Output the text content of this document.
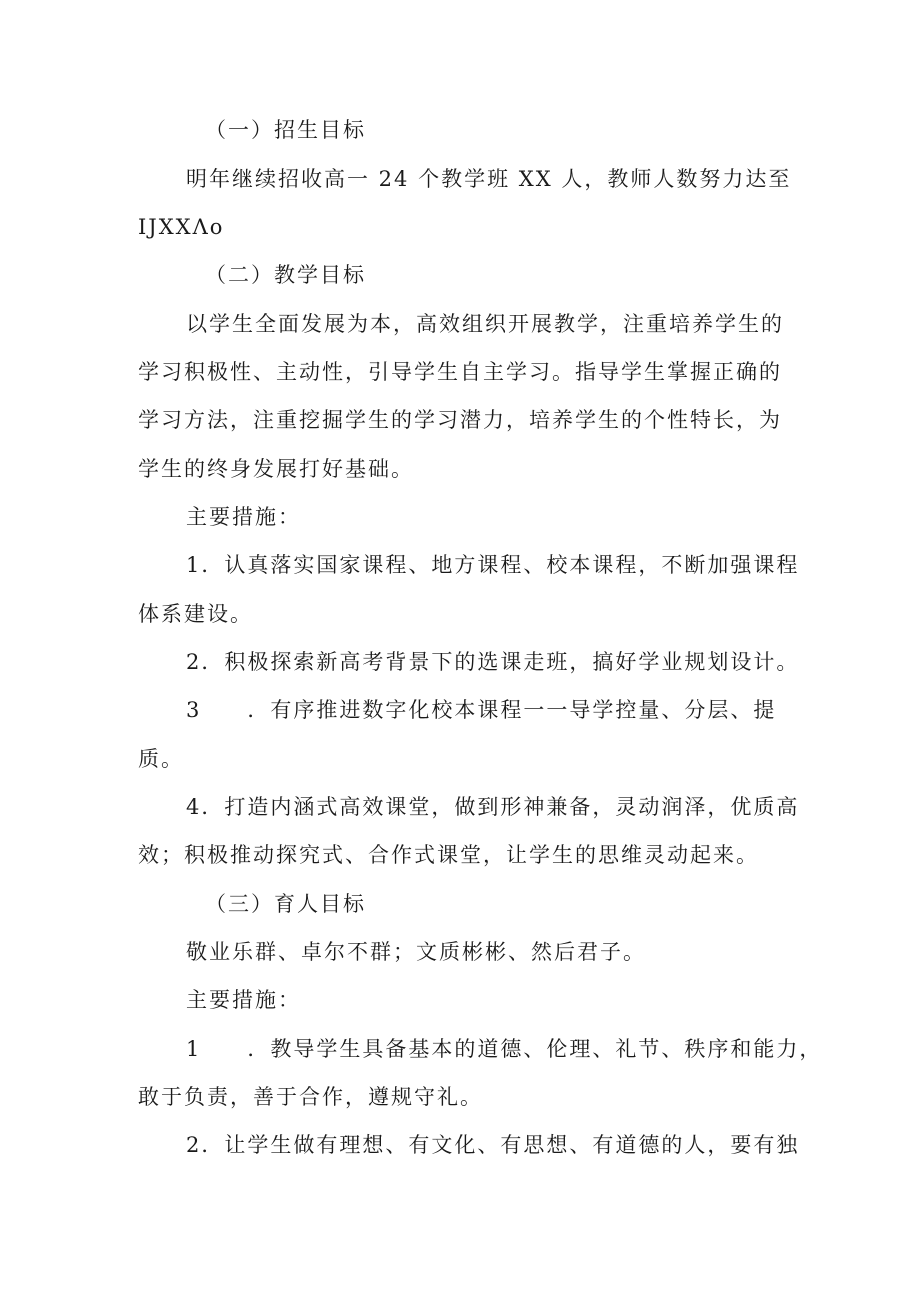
（一）招生目标
明年继续招收高一 24 个教学班 XX 人，教师人数努力达至
IJXXΛo
（二）教学目标
以学生全面发展为本，高效组织开展教学，注重培养学生的
学习积极性、主动性，引导学生自主学习。指导学生掌握正确的
学习方法，注重挖掘学生的学习潜力，培养学生的个性特长，为
学生的终身发展打好基础。
主要措施：
1．认真落实国家课程、地方课程、校本课程，不断加强课程
体系建设。
2．积极探索新高考背景下的选课走班，搞好学业规划设计。
3　　．有序推进数字化校本课程一一导学控量、分层、提
质。
4．打造内涵式高效课堂，做到形神兼备，灵动润泽，优质高
效；积极推动探究式、合作式课堂，让学生的思维灵动起来。
（三）育人目标
敬业乐群、卓尔不群；文质彬彬、然后君子。
主要措施：
1　　．教导学生具备基本的道德、伦理、礼节、秩序和能力，
敢于负责，善于合作，遵规守礼。
2．让学生做有理想、有文化、有思想、有道德的人，要有独
